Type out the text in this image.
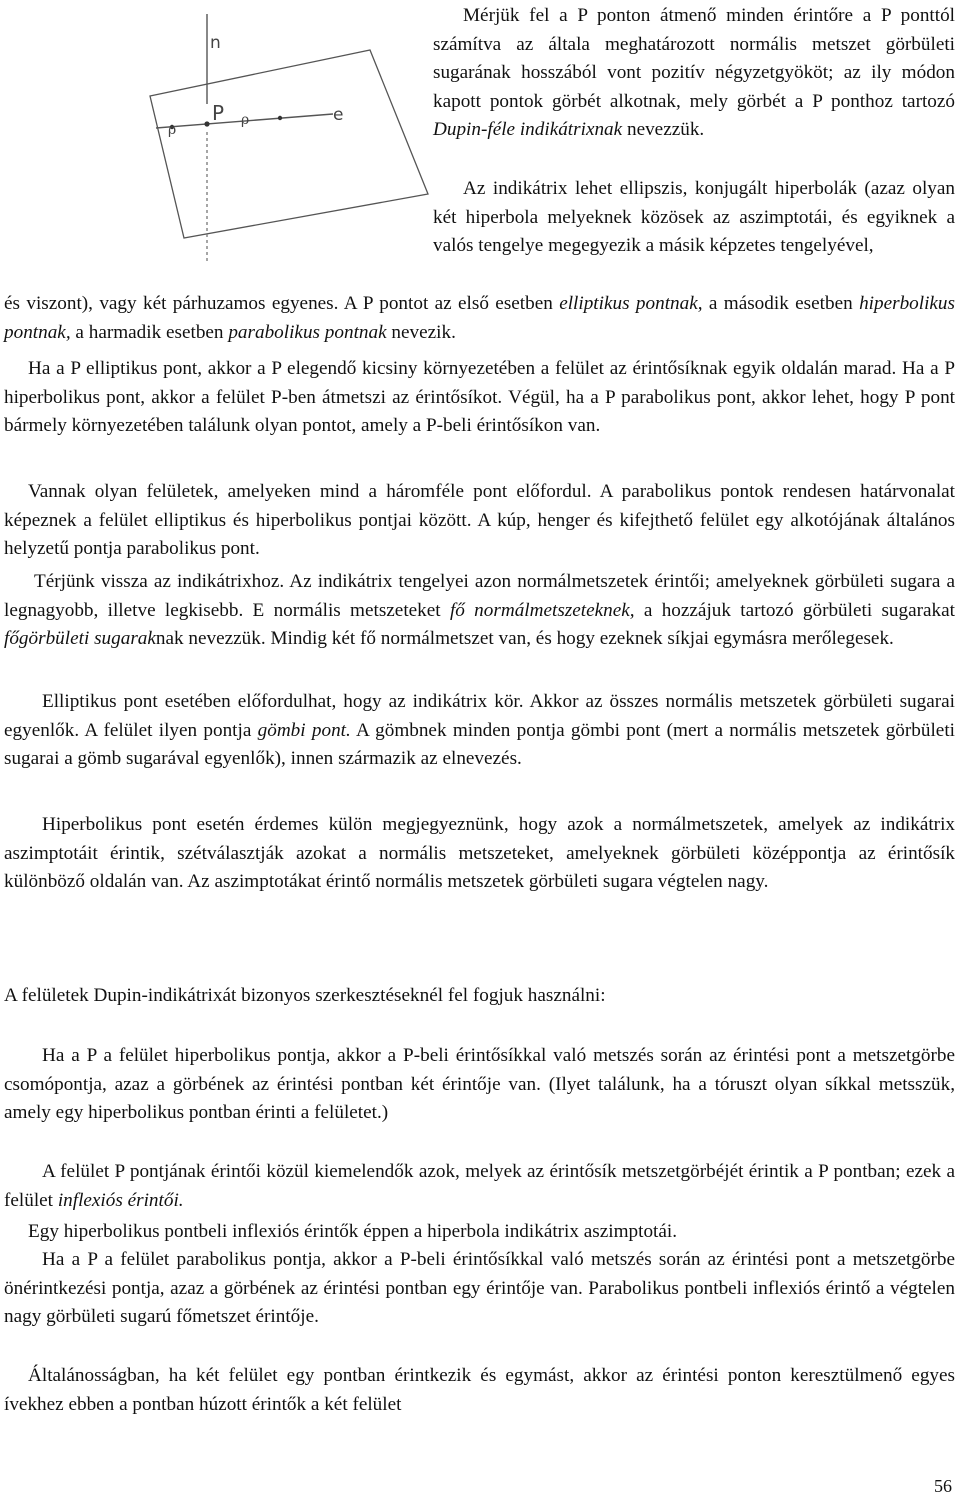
n
P	e
ρ
ρ

Mérjük fel a P ponton átmenő minden érintőre a P ponttól számítva az általa meghatározott normális metszet görbületi sugarának hosszából vont pozitív négyzetgyököt; az ily módon kapott pontok görbét alkotnak, mely görbét a P ponthoz tartozó Dupin-féle indikátrixnak nevezzük.

Az indikátrix lehet ellipszis, konjugált hiperbolák (azaz olyan két hiperbola melyeknek közösek az aszimptotái, és egyiknek a valós tengelye megegyezik a másik képzetes tengelyével,

és viszont), vagy két párhuzamos egyenes. A P pontot az első esetben elliptikus pontnak, a második esetben hiperbolikus pontnak, a harmadik esetben parabolikus pontnak nevezik.

Ha a P elliptikus pont, akkor a P elegendő kicsiny környezetében a felület az érintősíknak egyik oldalán marad. Ha a P hiperbolikus pont, akkor a felület P-ben átmetszi az érintősíkot. Végül, ha a P parabolikus pont, akkor lehet, hogy P pont bármely környezetében találunk olyan pontot, amely a P-beli érintősíkon van.

Vannak olyan felületek, amelyeken mind a háromféle pont előfordul. A parabolikus pontok rendesen határvonalat képeznek a felület elliptikus és hiperbolikus pontjai között. A kúp, henger és kifejthető felület egy alkotójának általános helyzetű pontja parabolikus pont.

Térjünk vissza az indikátrixhoz. Az indikátrix tengelyei azon normálmetszetek érintői; amelyeknek görbületi sugara a legnagyobb, illetve legkisebb. E normális metszeteket fő normálmetszeteknek, a hozzájuk tartozó görbületi sugarakat főgörbületi sugaraknak nevezzük. Mindig két fő normálmetszet van, és hogy ezeknek síkjai egymásra merőlegesek.

Elliptikus pont esetében előfordulhat, hogy az indikátrix kör. Akkor az összes normális metszetek görbületi sugarai egyenlők. A felület ilyen pontja gömbi pont. A gömbnek minden pontja gömbi pont (mert a normális metszetek görbületi sugarai a gömb sugarával egyenlők), innen származik az elnevezés.

Hiperbolikus pont esetén érdemes külön megjegyeznünk, hogy azok a normálmetszetek, amelyek az indikátrix aszimptotáit érintik, szétválasztják azokat a normális metszeteket, amelyeknek görbületi középpontja az érintősík különböző oldalán van. Az aszimptotákat érintő normális metszetek görbületi sugara végtelen nagy.

A felületek Dupin-indikátrixát bizonyos szerkesztéseknél fel fogjuk használni:

Ha a P a felület hiperbolikus pontja, akkor a P-beli érintősíkkal való metszés során az érintési pont a metszetgörbe csomópontja, azaz a görbének az érintési pontban két érintője van. (Ilyet találunk, ha a tóruszt olyan síkkal metsszük, amely egy hiperbolikus pontban érinti a felületet.)

A felület P pontjának érintői közül kiemelendők azok, melyek az érintősík metszetgörbéjét érintik a P pontban; ezek a felület inflexiós érintői.

Egy hiperbolikus pontbeli inflexiós érintők éppen a hiperbola indikátrix aszimptotái.

Ha a P a felület parabolikus pontja, akkor a P-beli érintősíkkal való metszés során az érintési pont a metszetgörbe önérintkezési pontja, azaz a görbének az érintési pontban egy érintője van. Parabolikus pontbeli inflexiós érintő a végtelen nagy görbületi sugarú főmetszet érintője.

Általánosságban, ha két felület egy pontban érintkezik és egymást, akkor az érintési ponton keresztülmenő egyes ívekhez ebben a pontban húzott érintők a két felület

56
